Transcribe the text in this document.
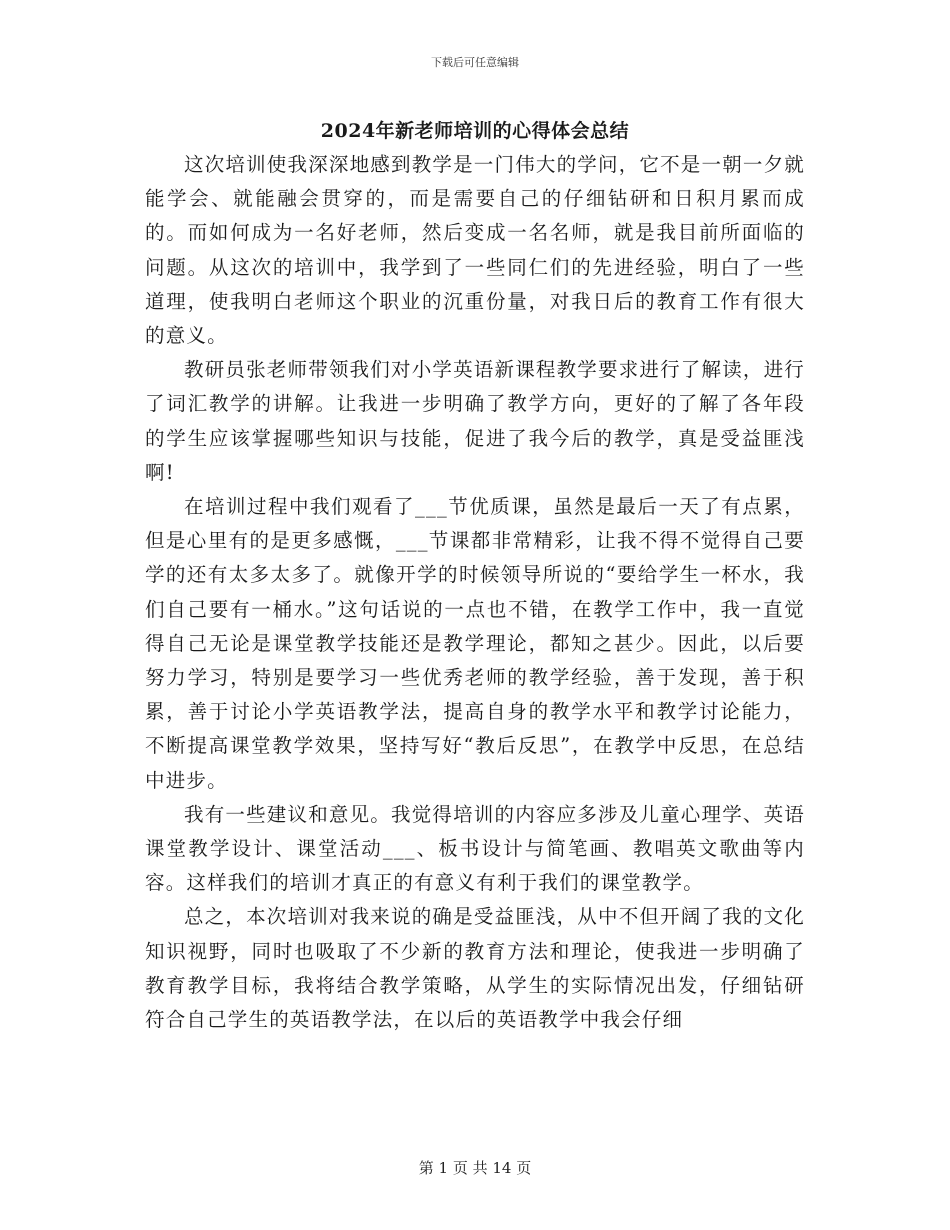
下载后可任意编辑
2024年新老师培训的心得体会总结

这次培训使我深深地感到教学是一门伟大的学问，它不是一朝一夕就能学会、就能融会贯穿的，而是需要自己的仔细钻研和日积月累而成的。而如何成为一名好老师，然后变成一名名师，就是我目前所面临的问题。从这次的培训中，我学到了一些同仁们的先进经验，明白了一些道理，使我明白老师这个职业的沉重份量，对我日后的教育工作有很大的意义。

教研员张老师带领我们对小学英语新课程教学要求进行了解读，进行了词汇教学的讲解。让我进一步明确了教学方向，更好的了解了各年段的学生应该掌握哪些知识与技能，促进了我今后的教学，真是受益匪浅啊!

在培训过程中我们观看了___节优质课，虽然是最后一天了有点累，但是心里有的是更多感慨，___节课都非常精彩，让我不得不觉得自己要学的还有太多太多了。就像开学的时候领导所说的“要给学生一杯水，我们自己要有一桶水。”这句话说的一点也不错，在教学工作中，我一直觉得自己无论是课堂教学技能还是教学理论，都知之甚少。因此，以后要努力学习，特别是要学习一些优秀老师的教学经验，善于发现，善于积累，善于讨论小学英语教学法，提高自身的教学水平和教学讨论能力，不断提高课堂教学效果，坚持写好“教后反思”，在教学中反思，在总结中进步。

我有一些建议和意见。我觉得培训的内容应多涉及儿童心理学、英语课堂教学设计、课堂活动___、板书设计与简笔画、教唱英文歌曲等内容。这样我们的培训才真正的有意义有利于我们的课堂教学。

总之，本次培训对我来说的确是受益匪浅，从中不但开阔了我的文化知识视野，同时也吸取了不少新的教育方法和理论，使我进一步明确了教育教学目标，我将结合教学策略，从学生的实际情况出发，仔细钻研符合自己学生的英语教学法，在以后的英语教学中我会仔细

第 1 页 共 14 页
